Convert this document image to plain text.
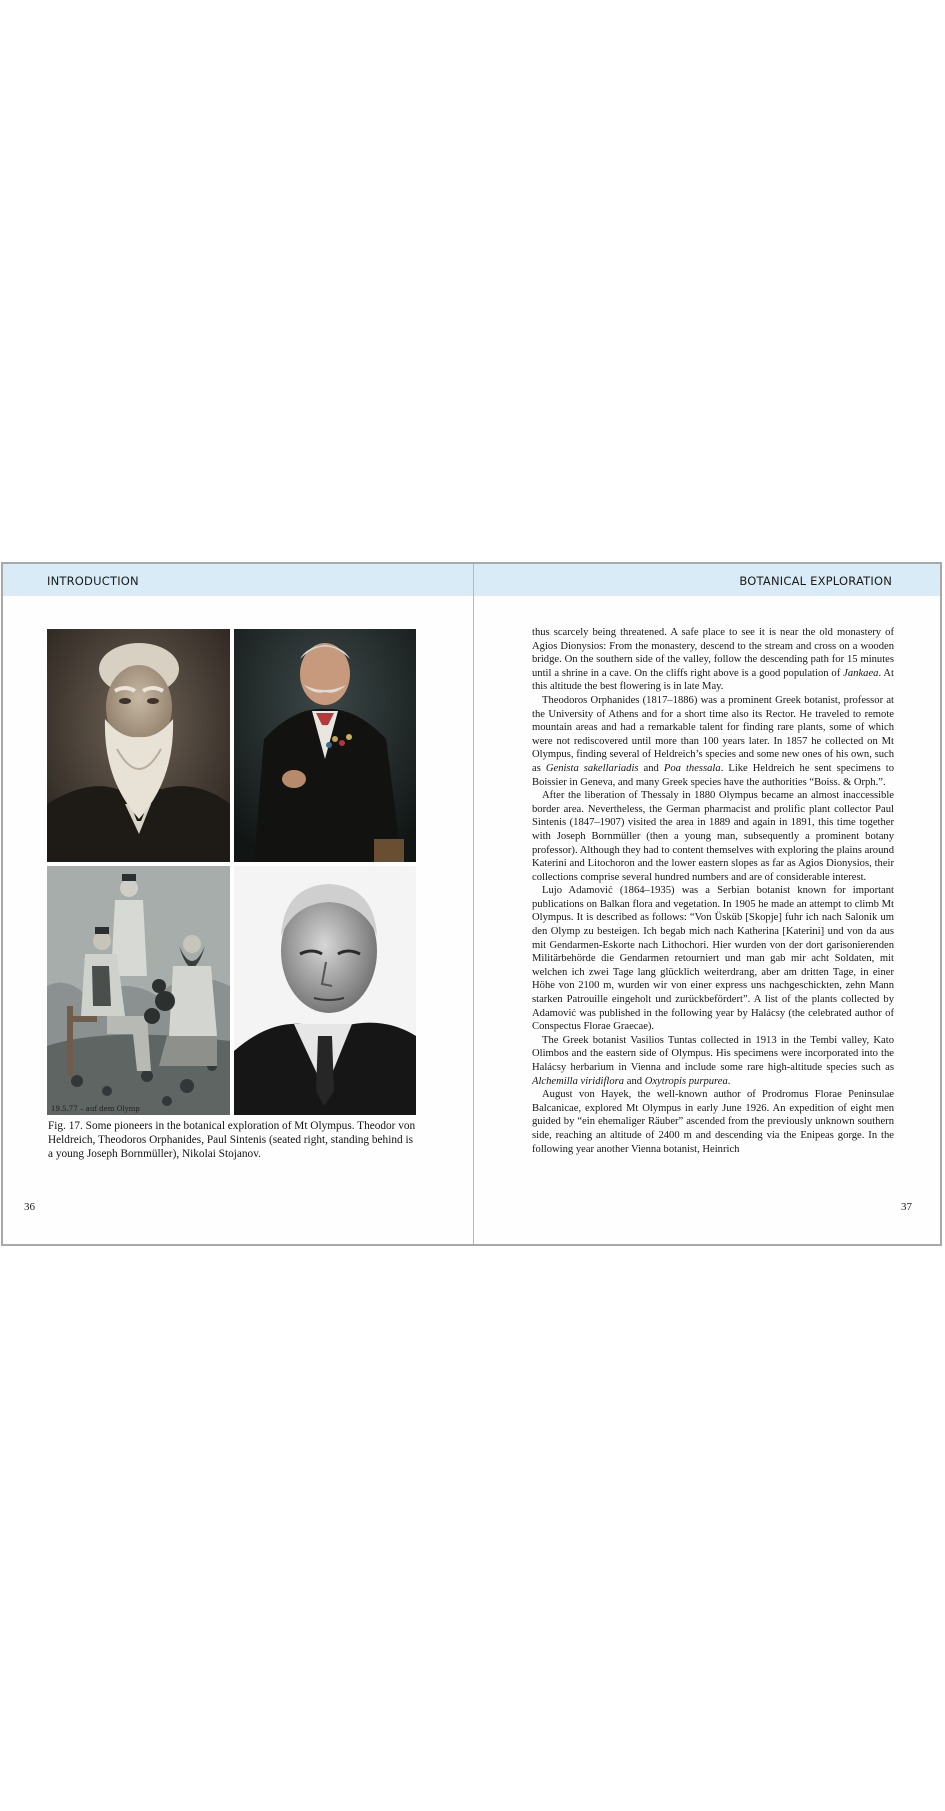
INTRODUCTION
19.5.77 – auf dem Olymp
Fig. 17. Some pioneers in the botanical exploration of Mt Olympus. Theodor von Heldreich, Theodoros Orphanides, Paul Sintenis (seated right, standing behind is a young Joseph Bornmüller), Nikolai Stojanov.
36
BOTANICAL EXPLORATION

thus scarcely being threatened. A safe place to see it is near the old monastery of Agios Dionysios: From the monastery, descend to the stream and cross on a wooden bridge. On the southern side of the valley, follow the descending path for 15 minutes until a shrine in a cave. On the cliffs right above is a good population of Jankaea. At this altitude the best flowering is in late May.

Theodoros Orphanides (1817–1886) was a prominent Greek botanist, professor at the University of Athens and for a short time also its Rector. He traveled to remote mountain areas and had a remarkable talent for finding rare plants, some of which were not rediscovered until more than 100 years later. In 1857 he collected on Mt Olympus, finding several of Heldreich’s species and some new ones of his own, such as Genista sakellariadis and Poa thessala. Like Heldreich he sent specimens to Boissier in Geneva, and many Greek species have the authorities “Boiss. & Orph.”.

After the liberation of Thessaly in 1880 Olympus became an almost inaccessible border area. Nevertheless, the German pharmacist and prolific plant collector Paul Sintenis (1847–1907) visited the area in 1889 and again in 1891, this time together with Joseph Bornmüller (then a young man, subsequently a prominent botany professor). Although they had to content themselves with exploring the plains around Katerini and Litochoron and the lower eastern slopes as far as Agios Dionysios, their collections comprise several hundred numbers and are of considerable interest.

Lujo Adamović (1864–1935) was a Serbian botanist known for important publications on Balkan flora and vegetation. In 1905 he made an attempt to climb Mt Olympus. It is described as follows: “Von Üsküb [Skopje] fuhr ich nach Salonik um den Olymp zu besteigen. Ich begab mich nach Katherina [Katerini] und von da aus mit Gendarmen-Eskorte nach Lithochori. Hier wurden von der dort garisonierenden Militärbehörde die Gendarmen retourniert und man gab mir acht Soldaten, mit welchen ich zwei Tage lang glücklich weiterdrang, aber am dritten Tage, in einer Höhe von 2100 m, wurden wir von einer express uns nachgeschickten, zehn Mann starken Patrouille eingeholt und zurückbefördert”. A list of the plants collected by Adamović was published in the following year by Halácsy (the celebrated author of Conspectus Florae Graecae).

The Greek botanist Vasilios Tuntas collected in 1913 in the Tembi valley, Kato Olimbos and the eastern side of Olympus. His specimens were incorporated into the Halácsy herbarium in Vienna and include some rare high-altitude species such as Alchemilla viridiflora and Oxytropis purpurea.

August von Hayek, the well-known author of Prodromus Florae Peninsulae Balcanicae, explored Mt Olympus in early June 1926. An expedition of eight men guided by “ein ehemaliger Räuber” ascended from the previously unknown southern side, reaching an altitude of 2400 m and descending via the Enipeas gorge. In the following year another Vienna botanist, Heinrich

37
